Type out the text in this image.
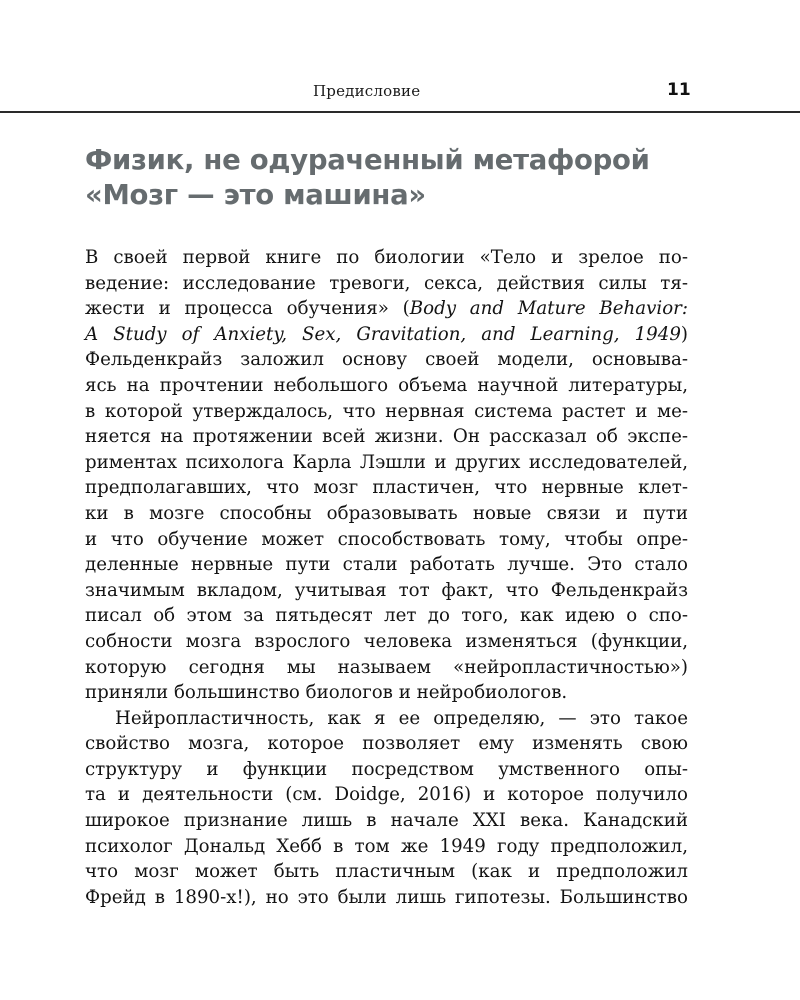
Предисловие	11
Физик, не одураченный метафорой
«Мозг — это машина»
В своей первой книге по биологии «Тело и зрелое по-
ведение: исследование тревоги, секса, действия силы тя-
жести и процесса обучения» (Body and Mature Behavior:
A Study of Anxiety, Sex, Gravitation, and Learning, 1949)
Фельденкрайз заложил основу своей модели, основыва-
ясь на прочтении небольшого объема научной литературы,
в которой утверждалось, что нервная система растет и ме-
няется на протяжении всей жизни. Он рассказал об экспе-
риментах психолога Карла Лэшли и других исследователей,
предполагавших, что мозг пластичен, что нервные клет-
ки в мозге способны образовывать новые связи и пути
и что обучение может способствовать тому, чтобы опре-
деленные нервные пути стали работать лучше. Это стало
значимым вкладом, учитывая тот факт, что Фельденкрайз
писал об этом за пятьдесят лет до того, как идею о спо-
собности мозга взрослого человека изменяться (функции,
которую сегодня мы называем «нейропластичностью»)
приняли большинство биологов и нейробиологов.
Нейропластичность, как я ее определяю, — это такое
свойство мозга, которое позволяет ему изменять свою
структуру и функции посредством умственного опы-
та и деятельности (см. Doidge, 2016) и которое получило
широкое признание лишь в начале XXI века. Канадский
психолог Дональд Хебб в том же 1949 году предположил,
что мозг может быть пластичным (как и предположил
Фрейд в 1890-х!), но это были лишь гипотезы. Большинство
